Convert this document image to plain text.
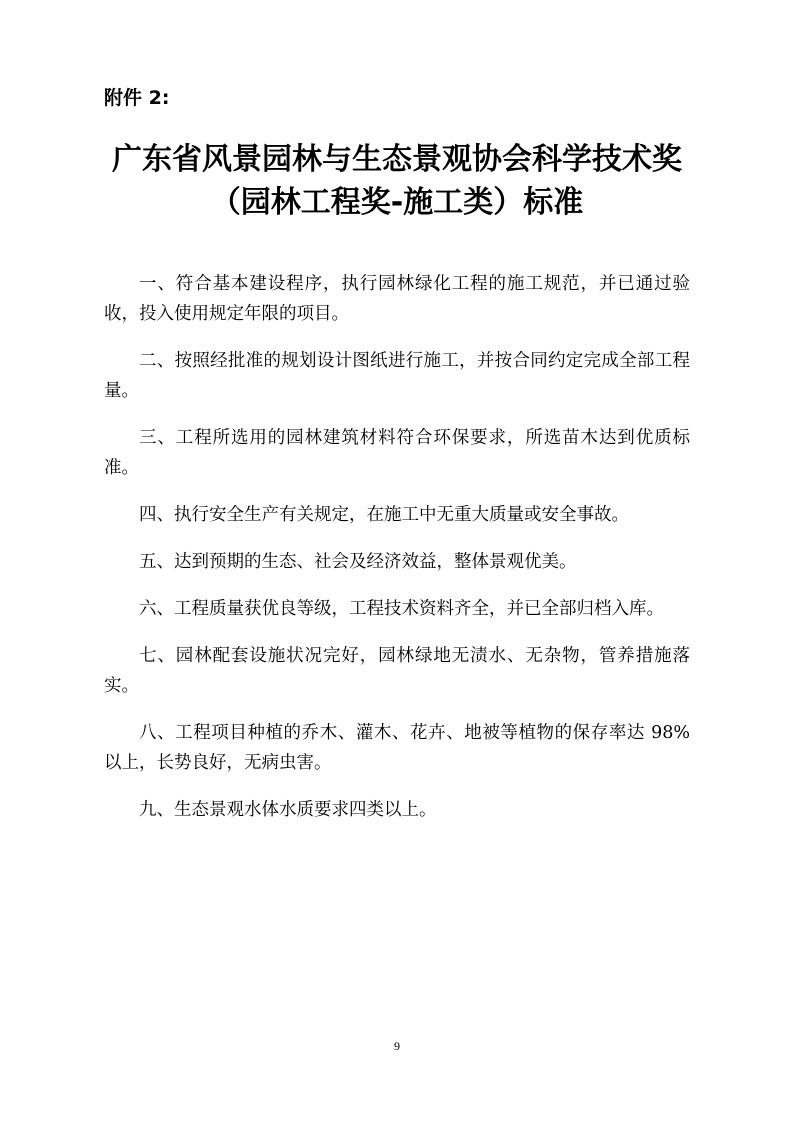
附件 2:
广东省风景园林与生态景观协会科学技术奖
（园林工程奖-施工类）标准

一、符合基本建设程序，执行园林绿化工程的施工规范，并已通过验收，投入使用规定年限的项目。

二、按照经批准的规划设计图纸进行施工，并按合同约定完成全部工程量。

三、工程所选用的园林建筑材料符合环保要求，所选苗木达到优质标准。

四、执行安全生产有关规定，在施工中无重大质量或安全事故。

五、达到预期的生态、社会及经济效益，整体景观优美。

六、工程质量获优良等级，工程技术资料齐全，并已全部归档入库。

七、园林配套设施状况完好，园林绿地无渍水、无杂物，管养措施落实。

八、工程项目种植的乔木、灌木、花卉、地被等植物的保存率达 98%以上，长势良好，无病虫害。

九、生态景观水体水质要求四类以上。

9
